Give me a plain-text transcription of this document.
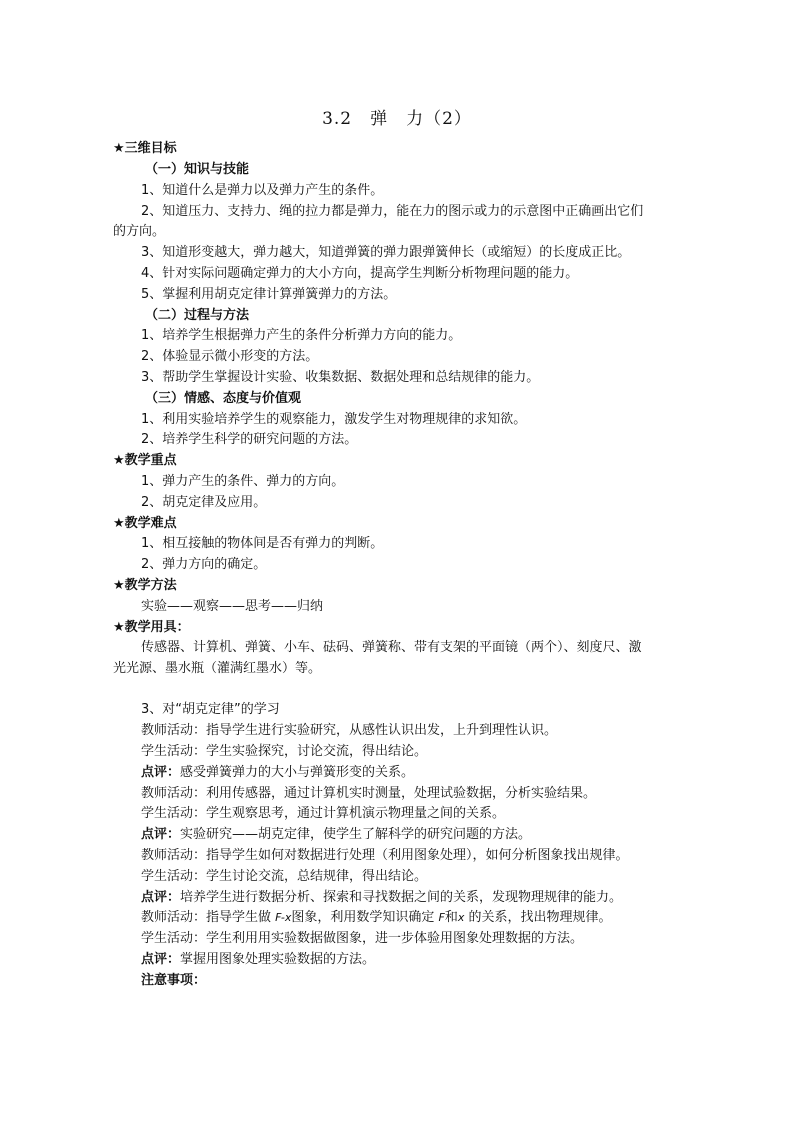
3.2　弹　力（2）
★三维目标
（一）知识与技能
1、知道什么是弹力以及弹力产生的条件。
2、知道压力、支持力、绳的拉力都是弹力，能在力的图示或力的示意图中正确画出它们
的方向。
3、知道形变越大，弹力越大，知道弹簧的弹力跟弹簧伸长（或缩短）的长度成正比。
4、针对实际问题确定弹力的大小方向，提高学生判断分析物理问题的能力。
5、掌握利用胡克定律计算弹簧弹力的方法。
（二）过程与方法
1、培养学生根据弹力产生的条件分析弹力方向的能力。
2、体验显示微小形变的方法。
3、帮助学生掌握设计实验、收集数据、数据处理和总结规律的能力。
（三）情感、态度与价值观
1、利用实验培养学生的观察能力，激发学生对物理规律的求知欲。
2、培养学生科学的研究问题的方法。
★教学重点
1、弹力产生的条件、弹力的方向。
2、胡克定律及应用。
★教学难点
1、相互接触的物体间是否有弹力的判断。
2、弹力方向的确定。
★教学方法
实验——观察——思考——归纳
★教学用具：
传感器、计算机、弹簧、小车、砝码、弹簧称、带有支架的平面镜（两个）、刻度尺、激
光光源、墨水瓶（灌满红墨水）等。
3、对“胡克定律”的学习
教师活动：指导学生进行实验研究，从感性认识出发，上升到理性认识。
学生活动：学生实验探究，讨论交流，得出结论。
点评：感受弹簧弹力的大小与弹簧形变的关系。
教师活动：利用传感器，通过计算机实时测量，处理试验数据，分析实验结果。
学生活动：学生观察思考，通过计算机演示物理量之间的关系。
点评：实验研究——胡克定律，使学生了解科学的研究问题的方法。
教师活动：指导学生如何对数据进行处理（利用图象处理），如何分析图象找出规律。
学生活动：学生讨论交流，总结规律，得出结论。
点评：培养学生进行数据分析、探索和寻找数据之间的关系，发现物理规律的能力。
教师活动：指导学生做 F-x图象，利用数学知识确定 F和x 的关系，找出物理规律。
学生活动：学生利用用实验数据做图象，进一步体验用图象处理数据的方法。
点评：掌握用图象处理实验数据的方法。
注意事项：
